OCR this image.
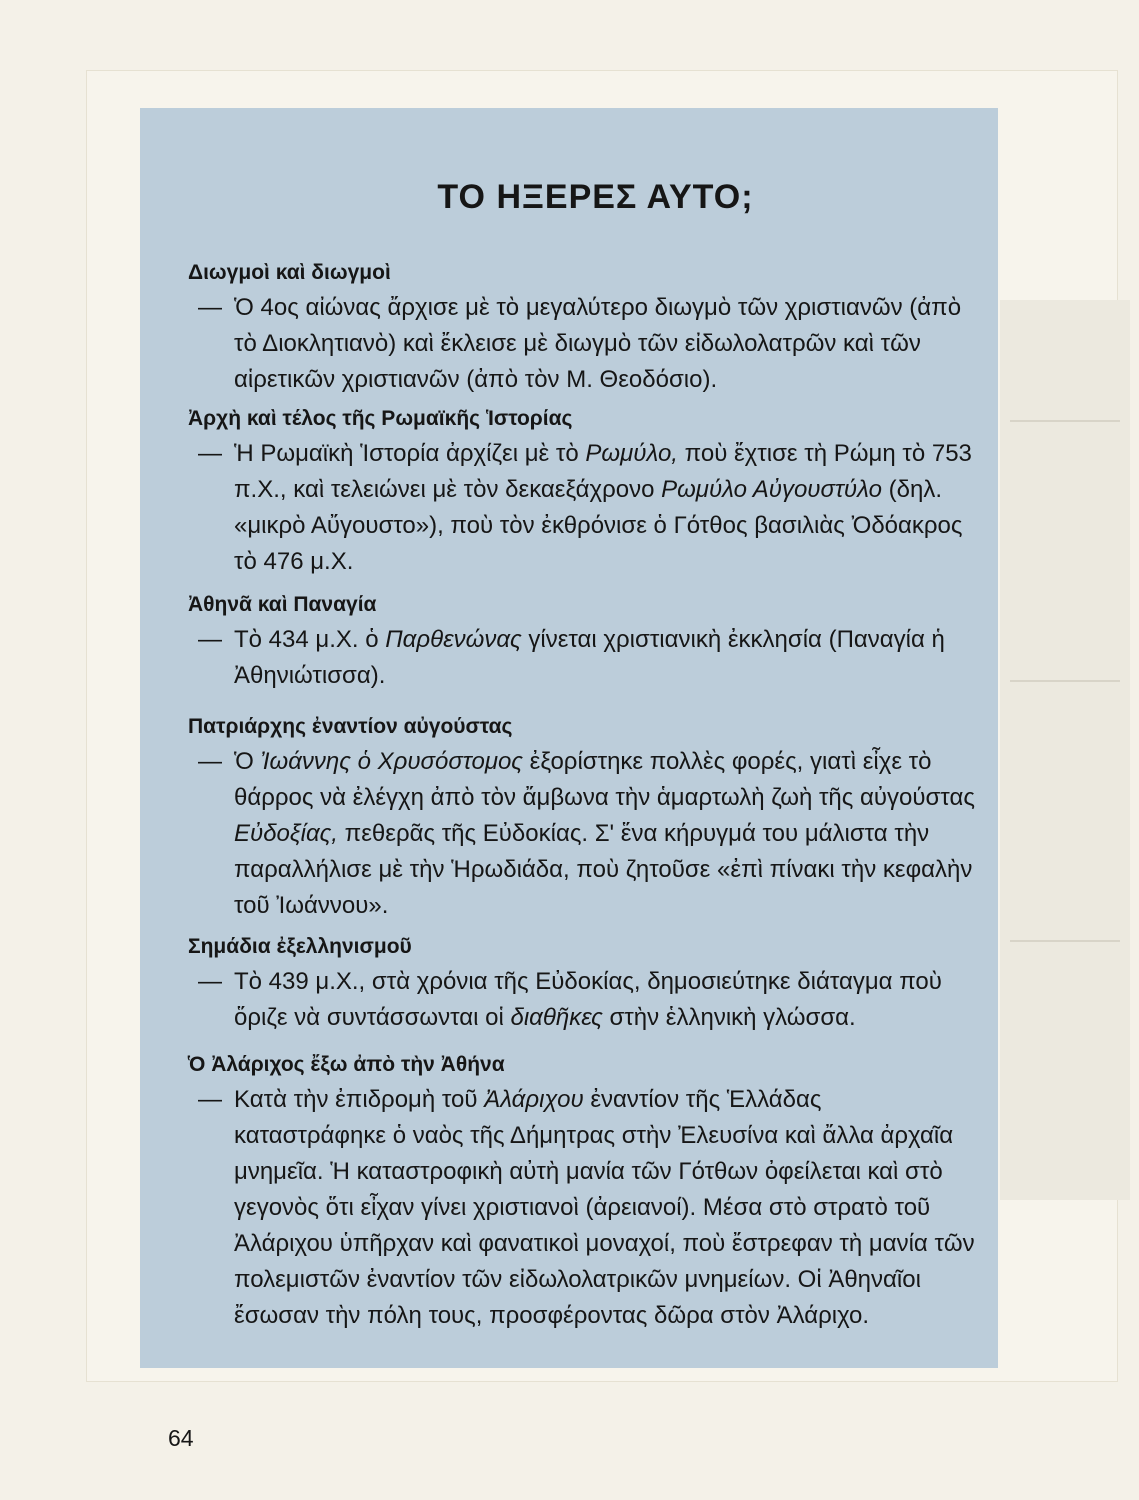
ΤΟ ΗΞΕΡΕΣ ΑΥΤΟ;
Διωγμοὶ καὶ διωγμοὶ
— Ὁ 4ος αἰώνας ἄρχισε μὲ τὸ μεγαλύτερο διωγμὸ τῶν χριστιανῶν (ἀπὸ τὸ Διοκλητιανὸ) καὶ ἔκλεισε μὲ διωγμὸ τῶν εἰδωλολατρῶν καὶ τῶν αἱρετικῶν χριστιανῶν (ἀπὸ τὸν Μ. Θεοδόσιο).
Ἀρχὴ καὶ τέλος τῆς Ρωμαϊκῆς Ἱστορίας
— Ἡ Ρωμαϊκὴ Ἱστορία ἀρχίζει μὲ τὸ Ρωμύλο, ποὺ ἔχτισε τὴ Ρώμη τὸ 753 π.Χ., καὶ τελειώνει μὲ τὸν δεκαεξάχρονο Ρωμύλο Αὐγουστύλο (δηλ. «μικρὸ Αὔγουστο»), ποὺ τὸν ἐκθρόνισε ὁ Γότθος βασιλιὰς Ὀδόακρος τὸ 476 μ.Χ.
Ἀθηνᾶ καὶ Παναγία
— Τὸ 434 μ.Χ. ὁ Παρθενώνας γίνεται χριστιανικὴ ἐκκλησία (Παναγία ἡ Ἀθηνιώτισσα).
Πατριάρχης ἐναντίον αὐγούστας
— Ὁ Ἰωάννης ὁ Χρυσόστομος ἐξορίστηκε πολλὲς φορές, γιατὶ εἶχε τὸ θάρρος νὰ ἐλέγχη ἀπὸ τὸν ἄμβωνα τὴν ἁμαρτωλὴ ζωὴ τῆς αὐγούστας Εὐδοξίας, πεθερᾶς τῆς Εὐδοκίας. Σ' ἕνα κήρυγμά του μάλιστα τὴν παραλλήλισε μὲ τὴν Ἡρωδιάδα, ποὺ ζητοῦσε «ἐπὶ πίνακι τὴν κεφαλὴν τοῦ Ἰωάννου».
Σημάδια ἐξελληνισμοῦ
— Τὸ 439 μ.Χ., στὰ χρόνια τῆς Εὐδοκίας, δημοσιεύτηκε διάταγμα ποὺ ὅριζε νὰ συντάσσωνται οἱ διαθῆκες στὴν ἑλληνικὴ γλώσσα.
Ὁ Ἀλάριχος ἔξω ἀπὸ τὴν Ἀθήνα
— Κατὰ τὴν ἐπιδρομὴ τοῦ Ἀλάριχου ἐναντίον τῆς Ἑλλάδας καταστράφηκε ὁ ναὸς τῆς Δήμητρας στὴν Ἐλευσίνα καὶ ἄλλα ἀρχαῖα μνημεῖα. Ἡ καταστροφικὴ αὐτὴ μανία τῶν Γότθων ὀφείλεται καὶ στὸ γεγονὸς ὅτι εἶχαν γίνει χριστιανοὶ (ἀρειανοί). Μέσα στὸ στρατὸ τοῦ Ἀλάριχου ὑπῆρχαν καὶ φανατικοὶ μοναχοί, ποὺ ἔστρεφαν τὴ μανία τῶν πολεμιστῶν ἐναντίον τῶν εἰδωλολατρικῶν μνημείων. Οἱ Ἀθηναῖοι ἔσωσαν τὴν πόλη τους, προσφέροντας δῶρα στὸν Ἀλάριχο.
64
